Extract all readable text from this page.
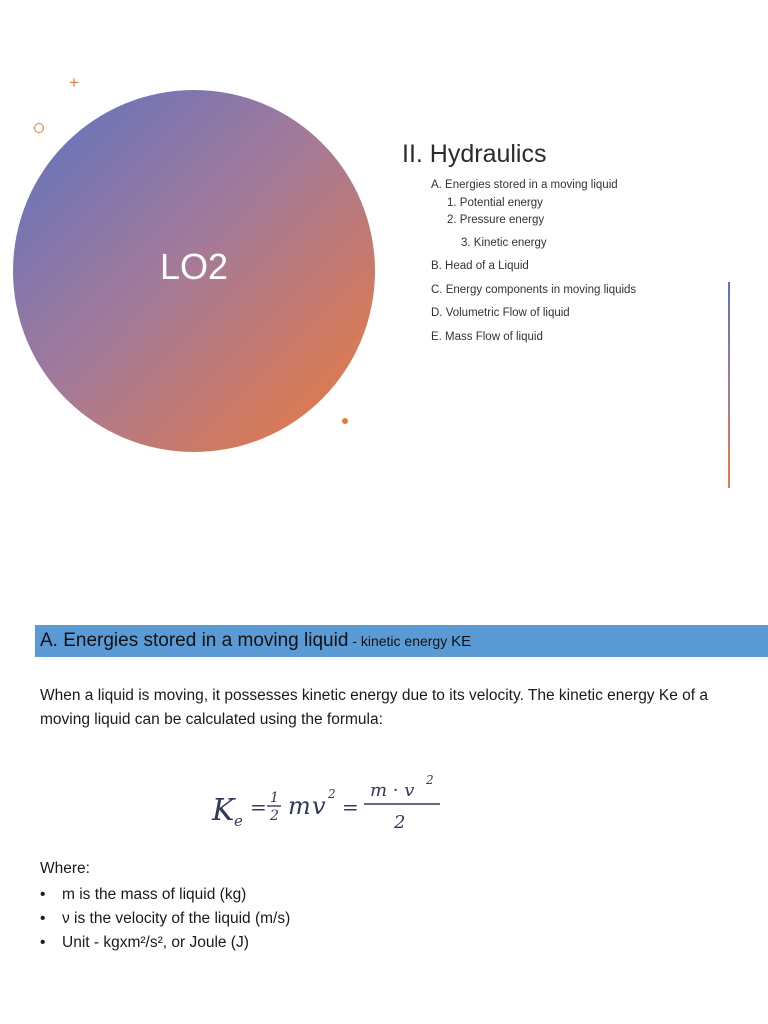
+
LO2
II. Hydraulics
A. Energies stored in a moving liquid
1. Potential energy
2. Pressure energy
3. Kinetic energy
B. Head of a Liquid
C. Energy components in moving liquids
D. Volumetric Flow of liquid
E. Mass Flow of liquid
A. Energies stored in a moving liquid - kinetic energy KE
When a liquid is moving, it possesses kinetic energy due to its velocity. The kinetic energy Ke of a moving liquid can be calculated using the formula:
K e
= 1
2 m v 2
=
m · v 2
2
Where:
• m is the mass of liquid (kg)
• ν is the velocity of the liquid (m/s)
• Unit - kgxm²/s², or Joule (J)
